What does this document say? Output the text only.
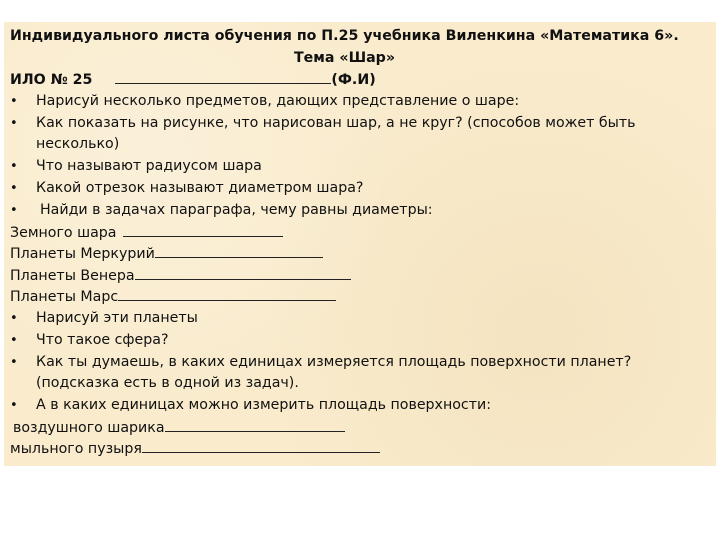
Индивидуального листа обучения по П.25 учебника Виленкина «Математика 6».
Тема «Шар»
ИЛО № 25	(Ф.И)
• Нарисуй несколько предметов, дающих представление о шаре:
• Как показать на рисунке, что нарисован шар, а не круг? (способов может быть
несколько)
• Что называют радиусом шара
• Какой отрезок называют диаметром шара?
• Найди в задачах параграфа, чему равны диаметры:
Земного шара
Планеты Меркурий
Планеты Венера
Планеты Марс
• Нарисуй эти планеты
• Что такое сфера?
• Как ты думаешь, в каких единицах измеряется площадь поверхности планет?
(подсказка есть в одной из задач).
• А в каких единицах можно измерить площадь поверхности:
воздушного шарика
мыльного пузыря
